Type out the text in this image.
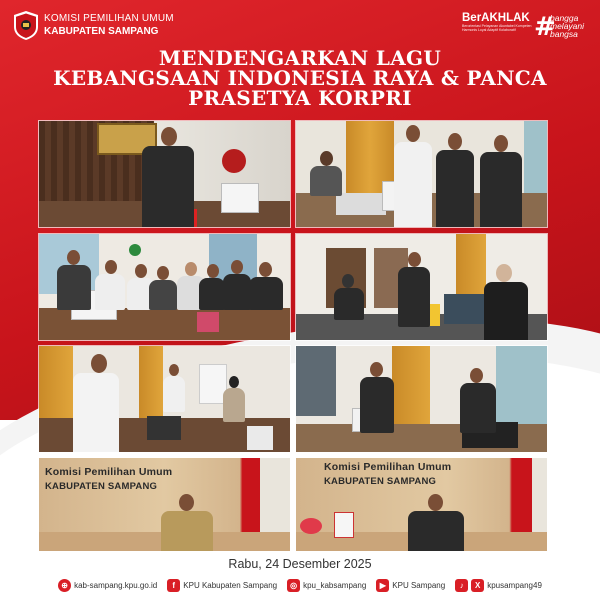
KOMISI PEMILIHAN UMUM
KABUPATEN SAMPANG
BerAKHLAK
Berorientasi Pelayanan Akuntabel Kompeten Harmonis Loyal Adaptif Kolaboratif #
bangga
melayani
bangsa
MENDENGARKAN LAGU
KEBANGSAAN INDONESIA RAYA & PANCA
PRASETYA KORPRI
Komisi Pemilihan Umum
KABUPATEN SAMPANG
Komisi Pemilihan Umum
KABUPATEN SAMPANG
Rabu, 24 Desember 2025
⊕ kab-sampang.kpu.go.id	f	KPU Kabupaten Sampang	◎ kpu_kabsampang	▶ KPU Sampang	♪	X kpusampang49
